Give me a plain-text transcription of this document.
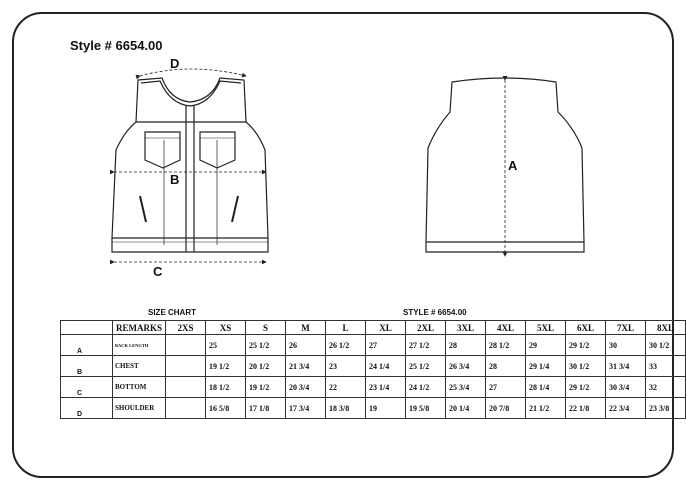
Style # 6654.00
D
B
C
A
SIZE CHART	STYLE # 6654.00
	REMARKS	2XS	XS	S	M	L	XL	2XL	3XL	4XL	5XL	6XL	7XL	8XL
A	BACK LENGTH		25	25 1/2	26	26 1/2	27	27 1/2	28	28 1/2	29	29 1/2	30	30 1/2
B	CHEST		19 1/2	20 1/2	21 3/4	23	24 1/4	25 1/2	26 3/4	28	29 1/4	30 1/2	31 3/4	33
C	BOTTOM		18 1/2	19 1/2	20 3/4	22	23 1/4	24 1/2	25 3/4	27	28 1/4	29 1/2	30 3/4	32
D	SHOULDER		16 5/8	17 1/8	17 3/4	18 3/8	19	19 5/8	20 1/4	20 7/8	21 1/2	22 1/8	22 3/4	23 3/8
